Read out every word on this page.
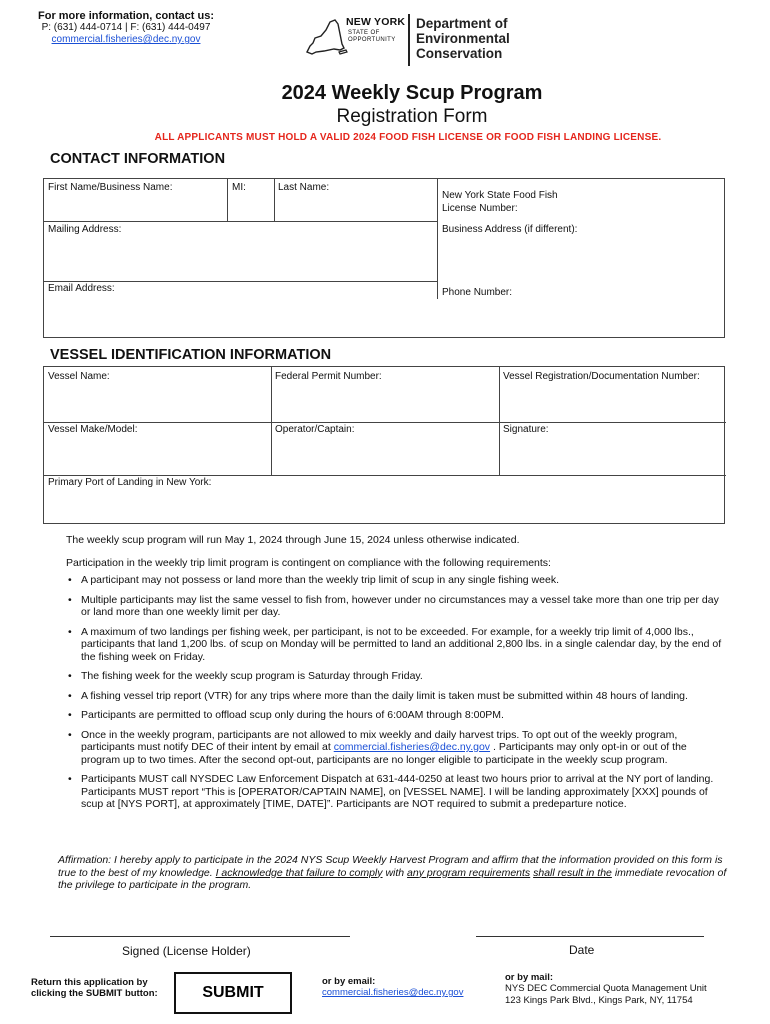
For more information, contact us:
P: (631) 444-0714 | F: (631) 444-0497
commercial.fisheries@dec.ny.gov
NEW YORK
STATE OF
OPPORTUNITY
Department of
Environmental
Conservation
2024 Weekly Scup Program
Registration Form
ALL APPLICANTS MUST HOLD A VALID 2024 FOOD FISH LICENSE OR FOOD FISH LANDING LICENSE.
CONTACT INFORMATION
First Name/Business Name:	MI:	Last Name:
New York State Food Fish
License Number:
Mailing Address:	Business Address (if different):
Email Address:	Phone Number:
VESSEL IDENTIFICATION INFORMATION
Vessel Name:	Federal Permit Number:	Vessel Registration/Documentation Number:
Vessel Make/Model:	Operator/Captain:	Signature:
Primary Port of Landing in New York:
The weekly scup program will run May 1, 2024 through June 15, 2024 unless otherwise indicated.
Participation in the weekly trip limit program is contingent on compliance with the following requirements:
• A participant may not possess or land more than the weekly trip limit of scup in any single fishing week.
• Multiple participants may list the same vessel to fish from, however under no circumstances may a vessel take more than one trip per day or land more than one weekly limit per day.
• A maximum of two landings per fishing week, per participant, is not to be exceeded. For example, for a weekly trip limit of 4,000 lbs., participants that land 1,200 lbs. of scup on Monday will be permitted to land an additional 2,800 lbs. in a single calendar day, by the end of the fishing week on Friday.
• The fishing week for the weekly scup program is Saturday through Friday.
• A fishing vessel trip report (VTR) for any trips where more than the daily limit is taken must be submitted within 48 hours of landing.
• Participants are permitted to offload scup only during the hours of 6:00AM through 8:00PM.
• Once in the weekly program, participants are not allowed to mix weekly and daily harvest trips. To opt out of the weekly program, participants must notify DEC of their intent by email at commercial.fisheries@dec.ny.gov . Participants may only opt-in or out of the program up to two times. After the second opt-out, participants are no longer eligible to participate in the weekly scup program.
• Participants MUST call NYSDEC Law Enforcement Dispatch at 631-444-0250 at least two hours prior to arrival at the NY port of landing. Participants MUST report “This is [OPERATOR/CAPTAIN NAME], on [VESSEL NAME]. I will be landing approximately [XXX] pounds of scup at [NYS PORT], at approximately [TIME, DATE]”. Participants are NOT required to submit a predeparture notice.
Affirmation: I hereby apply to participate in the 2024 NYS Scup Weekly Harvest Program and affirm that the information provided on this form is true to the best of my knowledge. I acknowledge that failure to comply with any program requirements shall result in the immediate revocation of the privilege to participate in the program.
Signed (License Holder)	Date
Return this application by
clicking the SUBMIT button:	SUBMIT
or by email:
commercial.fisheries@dec.ny.gov
or by mail:
NYS DEC Commercial Quota Management Unit
123 Kings Park Blvd., Kings Park, NY, 11754
